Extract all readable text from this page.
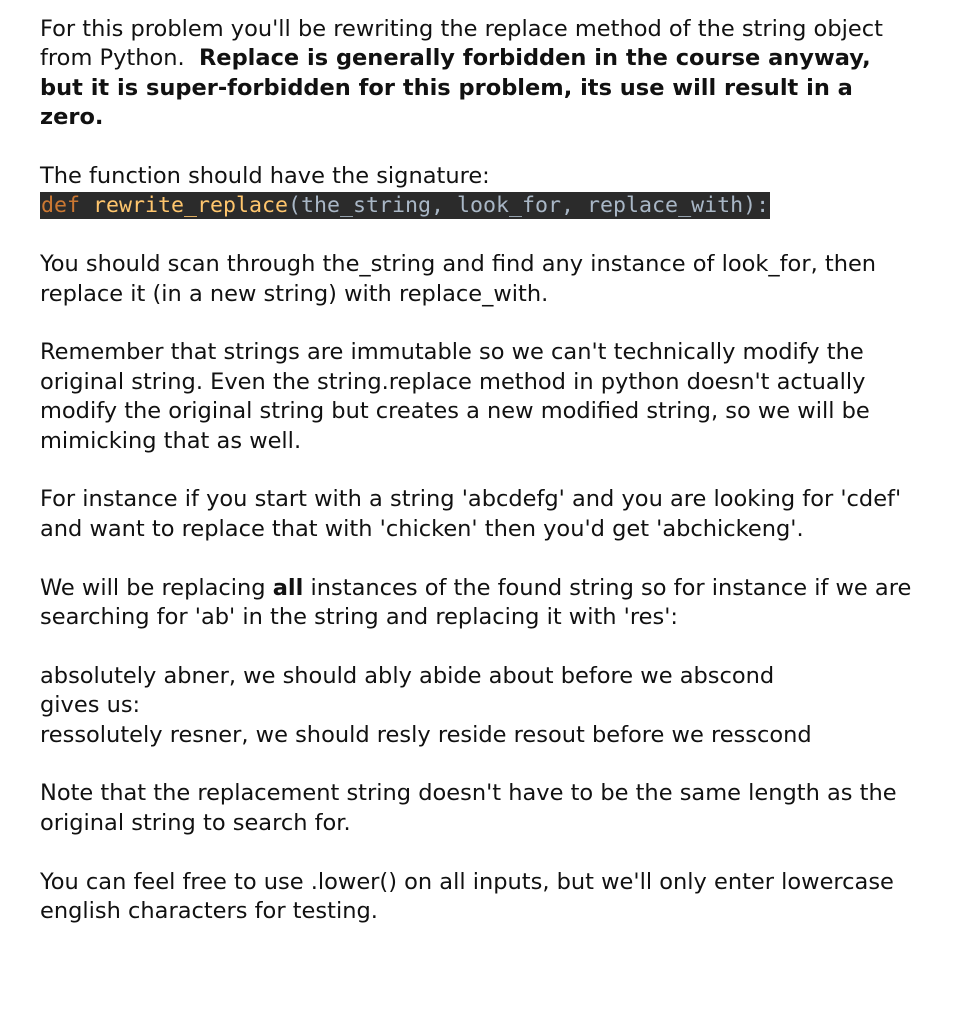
For this problem you'll be rewriting the replace method of the string object from Python. Replace is generally forbidden in the course anyway, but it is super-forbidden for this problem, its use will result in a zero.

The function should have the signature:
def rewrite_replace(the_string, look_for, replace_with):

You should scan through the_string and find any instance of look_for, then replace it (in a new string) with replace_with.

Remember that strings are immutable so we can't technically modify the original string. Even the string.replace method in python doesn't actually modify the original string but creates a new modified string, so we will be mimicking that as well.

For instance if you start with a string 'abcdefg' and you are looking for 'cdef' and want to replace that with 'chicken' then you'd get 'abchickeng'.

We will be replacing all instances of the found string so for instance if we are searching for 'ab' in the string and replacing it with 'res':

absolutely abner, we should ably abide about before we abscond
gives us:
ressolutely resner, we should resly reside resout before we resscond

Note that the replacement string doesn't have to be the same length as the original string to search for.

You can feel free to use .lower() on all inputs, but we'll only enter lowercase english characters for testing.
